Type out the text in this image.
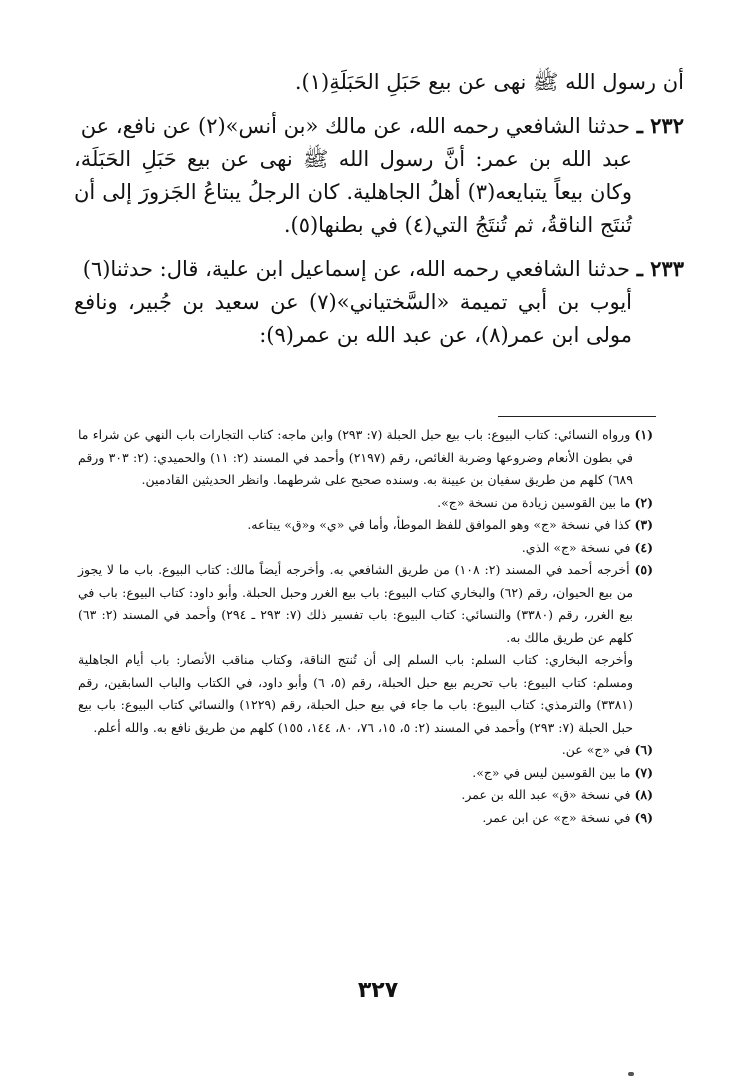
أن رسول الله ﷺ نهى عن بيع حَبَلِ الحَبَلَةِ(١).

٢٣٢ ـ حدثنا الشافعي رحمه الله، عن مالك «بن أنس»(٢) عن نافع، عن

عبد الله بن عمر: أنَّ رسول الله ﷺ نهى عن بيع حَبَلِ الحَبَلَة، وكان بيعاً يتبايعه(٣) أهلُ الجاهلية. كان الرجلُ يبتاعُ الجَزورَ إلى أن تُنتَج الناقةُ، ثم تُنتَجُ التي(٤) في بطنها(٥).

٢٣٣ ـ حدثنا الشافعي رحمه الله، عن إسماعيل ابن علية، قال: حدثنا(٦)

أيوب بن أبي تميمة «السَّختياني»(٧) عن سعيد بن جُبير، ونافع مولى ابن عمر(٨)، عن عبد الله بن عمر(٩):

(١) ورواه النسائي: كتاب البيوع: باب بيع حبل الحبلة (٧: ٢٩٣) وابن ماجه: كتاب التجارات باب النهي عن شراء ما في بطون الأنعام وضروعها وضربة الغائص، رقم (٢١٩٧) وأحمد في المسند (٢: ١١) والحميدي: (٢: ٣٠٣ ورقم ٦٨٩) كلهم من طريق سفيان بن عيينة به. وسنده صحيح على شرطهما. وانظر الحديثين القادمين.

(٢) ما بين القوسين زيادة من نسخة «ج».

(٣) كذا في نسخة «ج» وهو الموافق للفظ الموطأ، وأما في «ي» و«ق» يبتاعه.

(٤) في نسخة «ج» الذي.

(٥) أخرجه أحمد في المسند (٢: ١٠٨) من طريق الشافعي به. وأخرجه أيضاً مالك: كتاب البيوع. باب ما لا يجوز من بيع الحيوان، رقم (٦٢) والبخاري كتاب البيوع: باب بيع الغرر وحبل الحبلة. وأبو داود: كتاب البيوع: باب في بيع الغرر، رقم (٣٣٨٠) والنسائي: كتاب البيوع: باب تفسير ذلك (٧: ٢٩٣ ـ ٢٩٤) وأحمد في المسند (٢: ٦٣) كلهم عن طريق مالك به.

وأخرجه البخاري: كتاب السلم: باب السلم إلى أن تُنتج الناقة، وكتاب مناقب الأنصار: باب أيام الجاهلية ومسلم: كتاب البيوع: باب تحريم بيع حبل الحبلة، رقم (٥، ٦) وأبو داود، في الكتاب والباب السابقين، رقم (٣٣٨١) والترمذي: كتاب البيوع: باب ما جاء في بيع حبل الحبلة، رقم (١٢٢٩) والنسائي كتاب البيوع: باب بيع حبل الحبلة (٧: ٢٩٣) وأحمد في المسند (٢: ٥، ١٥، ٧٦، ٨٠، ١٤٤، ١٥٥) كلهم من طريق نافع به. والله أعلم.

(٦) في «ج» عن.

(٧) ما بين القوسين ليس في «ج».

(٨) في نسخة «ق» عبد الله بن عمر.

(٩) في نسخة «ج» عن ابن عمر.

٣٢٧
